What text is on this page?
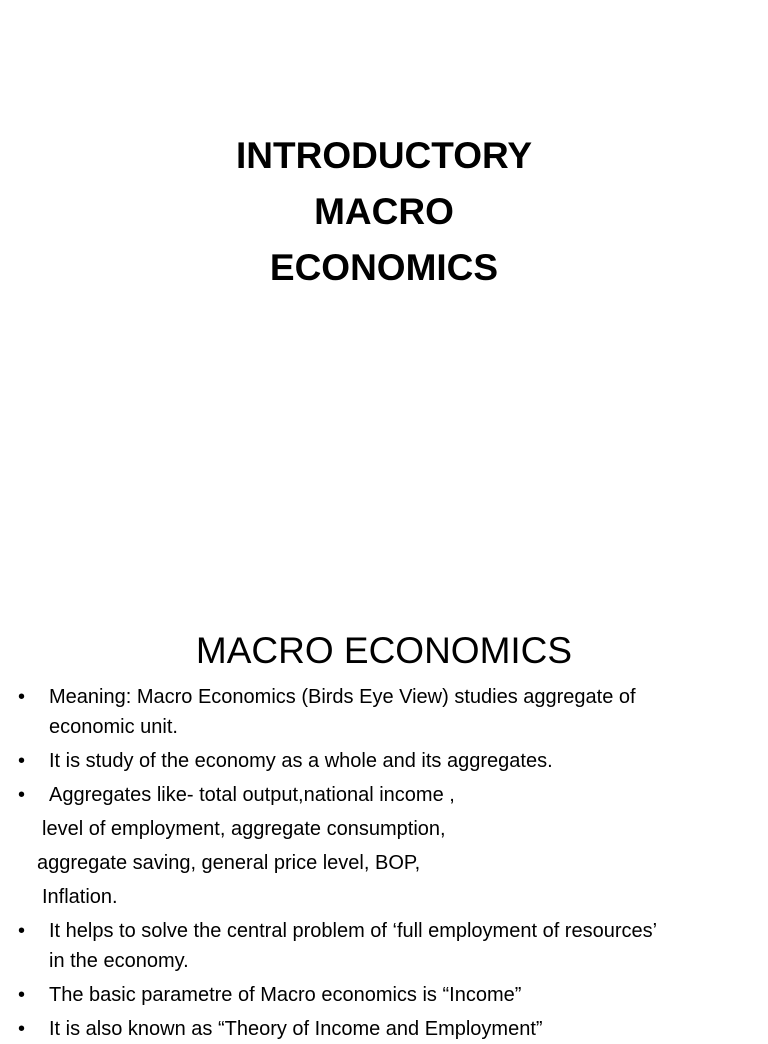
INTRODUCTORY
MACRO
ECONOMICS
MACRO ECONOMICS
•	Meaning: Macro Economics (Birds Eye View) studies aggregate of
economic unit.
•	It is study of the economy as a whole and its aggregates.
•	Aggregates like- total output,national income ,
level of employment, aggregate consumption,
aggregate saving, general price level, BOP,
Inflation.
•	It helps to solve the central problem of ‘full employment of resources’
in the economy.
•	The basic parametre of Macro economics is “Income”
•	It is also known as “Theory of Income and Employment”
